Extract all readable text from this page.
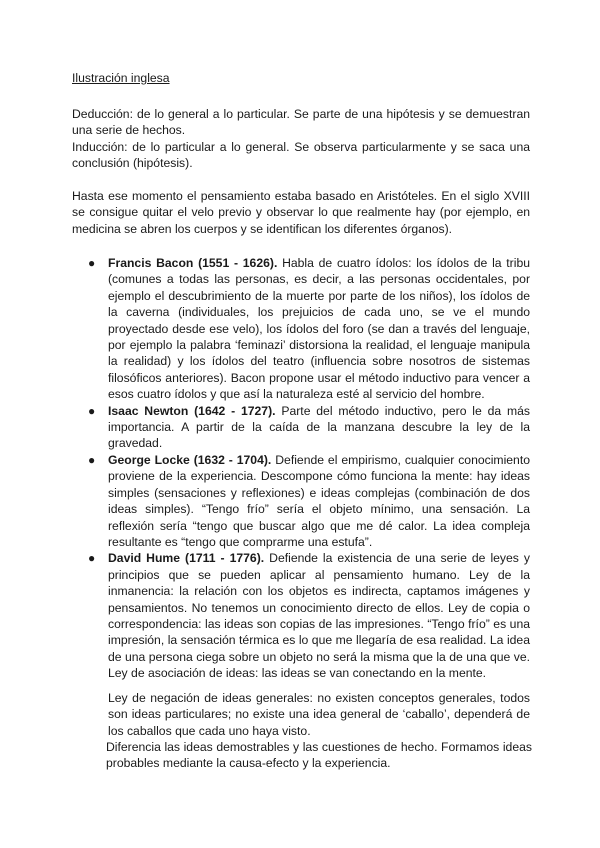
Ilustración inglesa

Deducción: de lo general a lo particular. Se parte de una hipótesis y se demuestran una serie de hechos.

Inducción: de lo particular a lo general. Se observa particularmente y se saca una conclusión (hipótesis).

Hasta ese momento el pensamiento estaba basado en Aristóteles. En el siglo XVIII se consigue quitar el velo previo y observar lo que realmente hay (por ejemplo, en medicina se abren los cuerpos y se identifican los diferentes órganos).

● Francis Bacon (1551 - 1626). Habla de cuatro ídolos: los ídolos de la tribu (comunes a todas las personas, es decir, a las personas occidentales, por ejemplo el descubrimiento de la muerte por parte de los niños), los ídolos de la caverna (individuales, los prejuicios de cada uno, se ve el mundo proyectado desde ese velo), los ídolos del foro (se dan a través del lenguaje, por ejemplo la palabra ‘feminazi’ distorsiona la realidad, el lenguaje manipula la realidad) y los ídolos del teatro (influencia sobre nosotros de sistemas filosóficos anteriores). Bacon propone usar el método inductivo para vencer a esos cuatro ídolos y que así la naturaleza esté al servicio del hombre.
● Isaac Newton (1642 - 1727). Parte del método inductivo, pero le da más importancia. A partir de la caída de la manzana descubre la ley de la gravedad.
● George Locke (1632 - 1704). Defiende el empirismo, cualquier conocimiento proviene de la experiencia. Descompone cómo funciona la mente: hay ideas simples (sensaciones y reflexiones) e ideas complejas (combinación de dos ideas simples). “Tengo frío” sería el objeto mínimo, una sensación. La reflexión sería “tengo que buscar algo que me dé calor. La idea compleja resultante es “tengo que comprarme una estufa”.
● David Hume (1711 - 1776). Defiende la existencia de una serie de leyes y principios que se pueden aplicar al pensamiento humano. Ley de la inmanencia: la relación con los objetos es indirecta, captamos imágenes y pensamientos. No tenemos un conocimiento directo de ellos. Ley de copia o correspondencia: las ideas son copias de las impresiones. “Tengo frío” es una impresión, la sensación térmica es lo que me llegaría de esa realidad. La idea de una persona ciega sobre un objeto no será la misma que la de una que ve. Ley de asociación de ideas: las ideas se van conectando en la mente.

Ley de negación de ideas generales: no existen conceptos generales, todos son ideas particulares; no existe una idea general de ‘caballo’, dependerá de los caballos que cada uno haya visto.

Diferencia las ideas demostrables y las cuestiones de hecho. Formamos ideas probables mediante la causa-efecto y la experiencia.
